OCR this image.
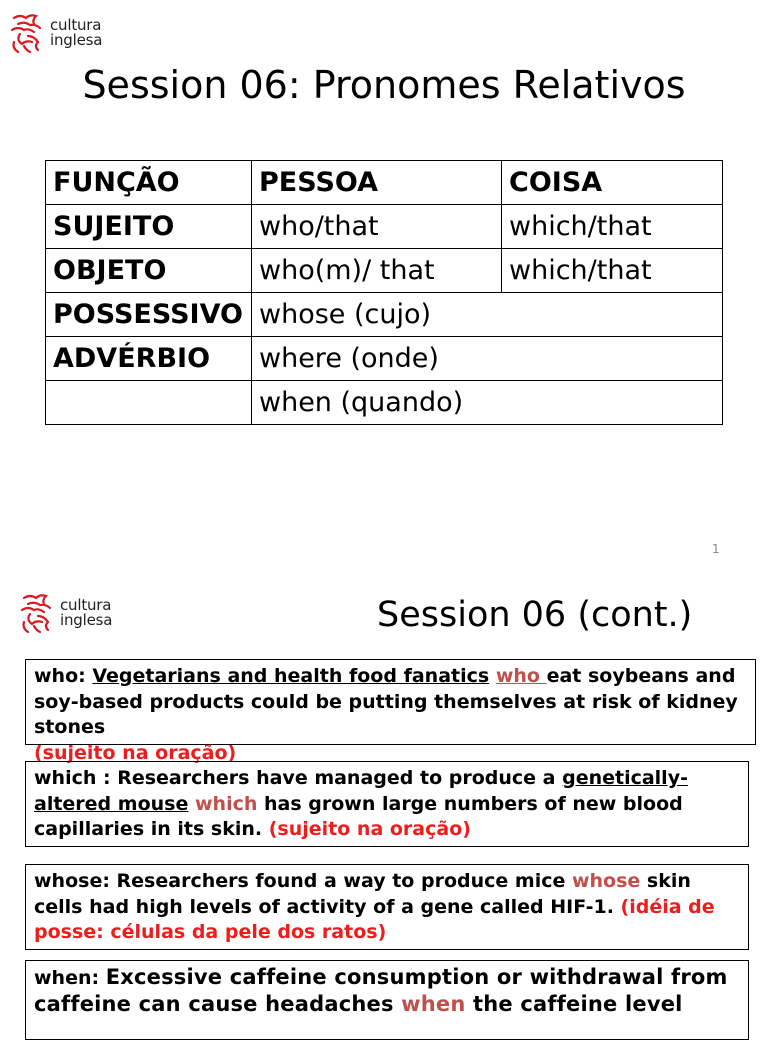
cultura
inglesa
Session 06: Pronomes Relativos
FUNÇÃO	PESSOA	COISA
SUJEITO	who/that	which/that
OBJETO	who(m)/ that	which/that
POSSESSIVO	whose (cujo)	
ADVÉRBIO	where (onde)	
	when (quando)	
1
cultura
inglesa	Session 06 (cont.)
who: Vegetarians and health food fanatics who eat soybeans and soy-based products could be putting themselves at risk of kidney stones
(sujeito na oração)
which : Researchers have managed to produce a genetically-altered mouse which has grown large numbers of new blood capillaries in its skin. (sujeito na oração)
whose: Researchers found a way to produce mice whose skin cells had high levels of activity of a gene called HIF-1. (idéia de posse: células da pele dos ratos)
when: Excessive caffeine consumption or withdrawal from caffeine can cause headaches when the caffeine level
